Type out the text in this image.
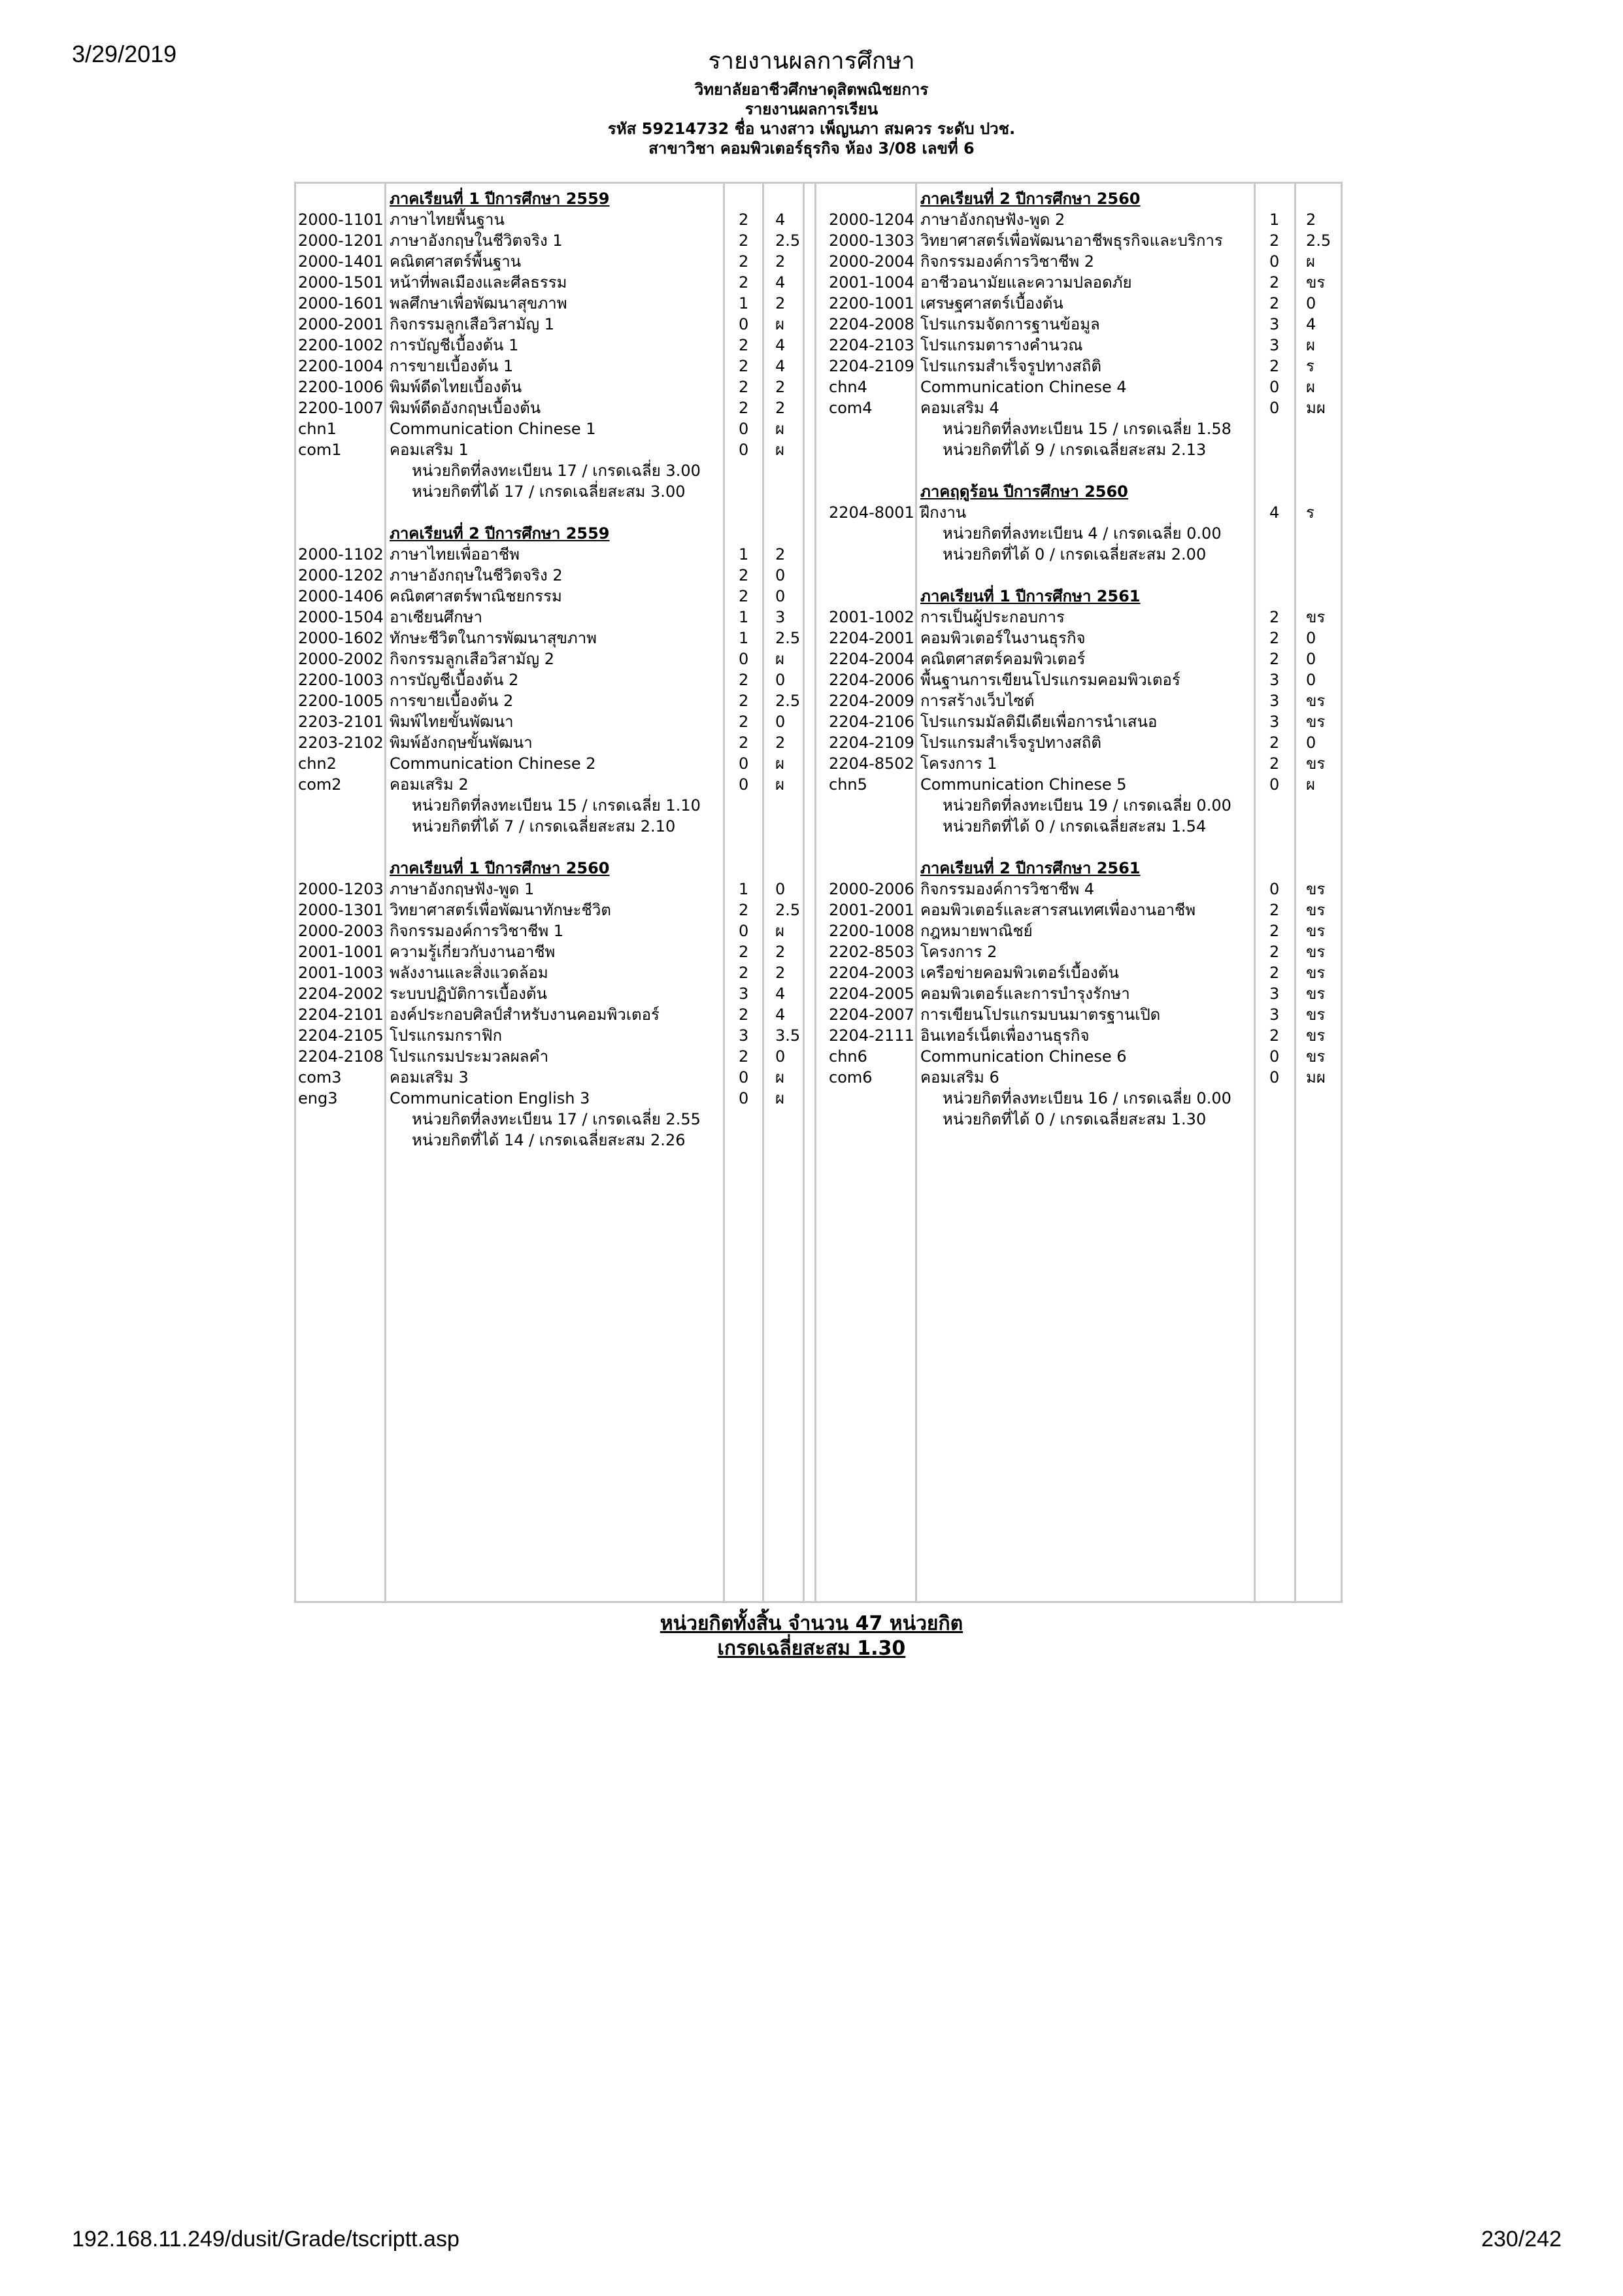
3/29/2019	รายงานผลการศึกษา
192.168.11.249/dusit/Grade/tscriptt.asp	230/242
วิทยาลัยอาชีวศึกษาดุสิตพณิชยการ
รายงานผลการเรียน
รหัส 59214732 ชื่อ นางสาว เพ็ญนภา สมควร ระดับ ปวช.
สาขาวิชา คอมพิวเตอร์ธุรกิจ ห้อง 3/08 เลขที่ 6
ภาคเรียนที่ 1 ปีการศึกษา 2559
2000-1101 ภาษาไทยพื้นฐาน	2 4
2000-1201 ภาษาอังกฤษในชีวิตจริง 1	2 2.5
2000-1401 คณิตศาสตร์พื้นฐาน	2 2
2000-1501 หน้าที่พลเมืองและศีลธรรม	2 4
2000-1601 พลศึกษาเพื่อพัฒนาสุขภาพ	1 2
2000-2001 กิจกรรมลูกเสือวิสามัญ 1	0 ผ
2200-1002 การบัญชีเบื้องต้น 1	2 4
2200-1004 การขายเบื้องต้น 1	2 4
2200-1006 พิมพ์ดีดไทยเบื้องต้น	2 2
2200-1007 พิมพ์ดีดอังกฤษเบื้องต้น	2 2
chn1	Communication Chinese 1	0 ผ
com1	คอมเสริม 1	0 ผ
หน่วยกิตที่ลงทะเบียน 17 / เกรดเฉลี่ย 3.00
หน่วยกิตที่ได้ 17 / เกรดเฉลี่ยสะสม 3.00
ภาคเรียนที่ 2 ปีการศึกษา 2559
2000-1102 ภาษาไทยเพื่ออาชีพ	1 2
2000-1202 ภาษาอังกฤษในชีวิตจริง 2	2 0
2000-1406 คณิตศาสตร์พาณิชยกรรม	2 0
2000-1504 อาเซียนศึกษา	1 3
2000-1602 ทักษะชีวิตในการพัฒนาสุขภาพ	1 2.5
2000-2002 กิจกรรมลูกเสือวิสามัญ 2	0 ผ
2200-1003 การบัญชีเบื้องต้น 2	2 0
2200-1005 การขายเบื้องต้น 2	2 2.5
2203-2101 พิมพ์ไทยขั้นพัฒนา	2 0
2203-2102 พิมพ์อังกฤษขั้นพัฒนา	2 2
chn2	Communication Chinese 2	0 ผ
com2	คอมเสริม 2	0 ผ
หน่วยกิตที่ลงทะเบียน 15 / เกรดเฉลี่ย 1.10
หน่วยกิตที่ได้ 7 / เกรดเฉลี่ยสะสม 2.10
ภาคเรียนที่ 1 ปีการศึกษา 2560
2000-1203 ภาษาอังกฤษฟัง-พูด 1	1 0
2000-1301 วิทยาศาสตร์เพื่อพัฒนาทักษะชีวิต	2 2.5
2000-2003 กิจกรรมองค์การวิชาชีพ 1	0 ผ
2001-1001 ความรู้เกี่ยวกับงานอาชีพ	2 2
2001-1003 พลังงานและสิ่งแวดล้อม	2 2
2204-2002 ระบบปฏิบัติการเบื้องต้น	3 4
2204-2101 องค์ประกอบศิลป์สำหรับงานคอมพิวเตอร์	2 4
2204-2105 โปรแกรมกราฟิก	3 3.5
2204-2108 โปรแกรมประมวลผลคำ	2 0
com3	คอมเสริม 3	0 ผ
eng3	Communication English 3	0 ผ
หน่วยกิตที่ลงทะเบียน 17 / เกรดเฉลี่ย 2.55
หน่วยกิตที่ได้ 14 / เกรดเฉลี่ยสะสม 2.26
ภาคเรียนที่ 2 ปีการศึกษา 2560
2000-1204 ภาษาอังกฤษฟัง-พูด 2	1 2
2000-1303 วิทยาศาสตร์เพื่อพัฒนาอาชีพธุรกิจและบริการ	2 2.5
2000-2004 กิจกรรมองค์การวิชาชีพ 2	0 ผ
2001-1004 อาชีวอนามัยและความปลอดภัย	2 ขร
2200-1001 เศรษฐศาสตร์เบื้องต้น	2 0
2204-2008 โปรแกรมจัดการฐานข้อมูล	3 4
2204-2103 โปรแกรมตารางคำนวณ	3 ผ
2204-2109 โปรแกรมสำเร็จรูปทางสถิติ	2 ร
chn4	Communication Chinese 4	0 ผ
com4	คอมเสริม 4	0 มผ
หน่วยกิตที่ลงทะเบียน 15 / เกรดเฉลี่ย 1.58
หน่วยกิตที่ได้ 9 / เกรดเฉลี่ยสะสม 2.13
ภาคฤดูร้อน ปีการศึกษา 2560
2204-8001 ฝึกงาน	4 ร
หน่วยกิตที่ลงทะเบียน 4 / เกรดเฉลี่ย 0.00
หน่วยกิตที่ได้ 0 / เกรดเฉลี่ยสะสม 2.00
ภาคเรียนที่ 1 ปีการศึกษา 2561
2001-1002 การเป็นผู้ประกอบการ	2 ขร
2204-2001 คอมพิวเตอร์ในงานธุรกิจ	2 0
2204-2004 คณิตศาสตร์คอมพิวเตอร์	2 0
2204-2006 พื้นฐานการเขียนโปรแกรมคอมพิวเตอร์	3 0
2204-2009 การสร้างเว็บไซต์	3 ขร
2204-2106 โปรแกรมมัลติมีเดียเพื่อการนำเสนอ	3 ขร
2204-2109 โปรแกรมสำเร็จรูปทางสถิติ	2 0
2204-8502 โครงการ 1	2 ขร
chn5	Communication Chinese 5	0 ผ
หน่วยกิตที่ลงทะเบียน 19 / เกรดเฉลี่ย 0.00
หน่วยกิตที่ได้ 0 / เกรดเฉลี่ยสะสม 1.54
ภาคเรียนที่ 2 ปีการศึกษา 2561
2000-2006 กิจกรรมองค์การวิชาชีพ 4	0 ขร
2001-2001 คอมพิวเตอร์และสารสนเทศเพื่องานอาชีพ	2 ขร
2200-1008 กฎหมายพาณิชย์	2 ขร
2202-8503 โครงการ 2	2 ขร
2204-2003 เครือข่ายคอมพิวเตอร์เบื้องต้น	2 ขร
2204-2005 คอมพิวเตอร์และการบำรุงรักษา	3 ขร
2204-2007 การเขียนโปรแกรมบนมาตรฐานเปิด	3 ขร
2204-2111 อินเทอร์เน็ตเพื่องานธุรกิจ	2 ขร
chn6	Communication Chinese 6	0 ขร
com6	คอมเสริม 6	0 มผ
หน่วยกิตที่ลงทะเบียน 16 / เกรดเฉลี่ย 0.00
หน่วยกิตที่ได้ 0 / เกรดเฉลี่ยสะสม 1.30
หน่วยกิตทั้งสิ้น จำนวน 47 หน่วยกิต
เกรดเฉลี่ยสะสม 1.30
